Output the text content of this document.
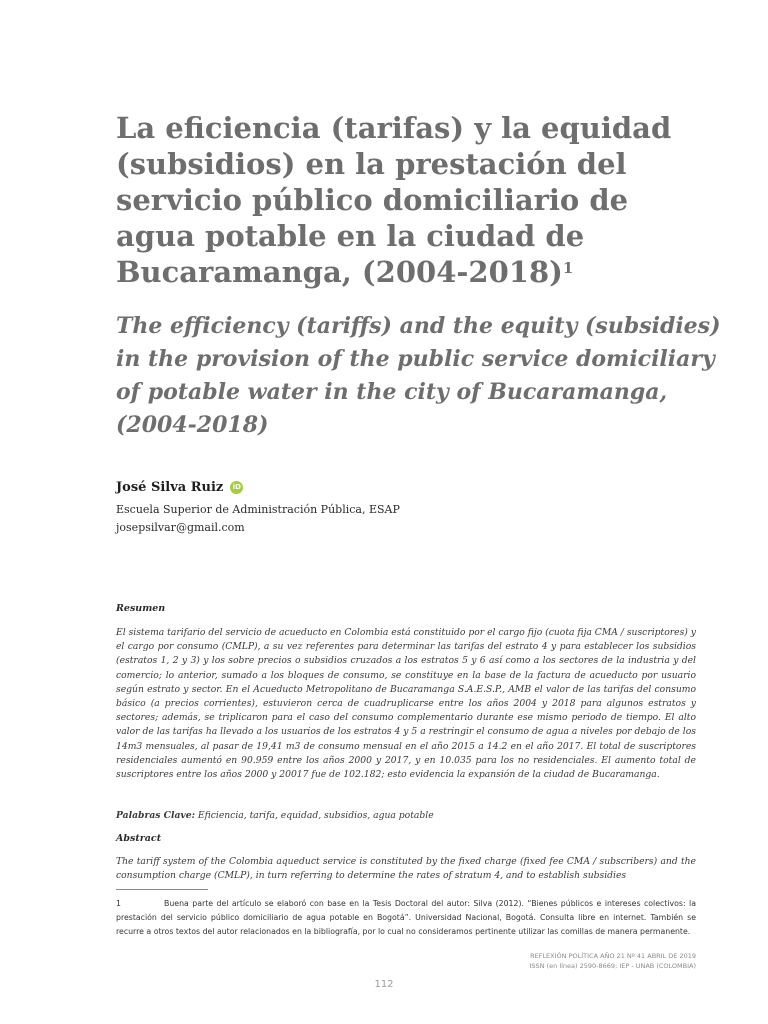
La eficiencia (tarifas) y la equidad (subsidios) en la prestación del servicio público domiciliario de agua potable en la ciudad de Bucaramanga, (2004-2018)$^1$
The efficiency (tariffs) and the equity (subsidies) in the provision of the public service domiciliary of potable water in the city of Bucaramanga, (2004-2018)
José Silva Ruiz	iD
Escuela Superior de Administración Pública, ESAP
josepsilvar@gmail.com
Resumen

El sistema tarifario del servicio de acueducto en Colombia está constituido por el cargo fijo (cuota fija CMA / suscriptores) y el cargo por consumo (CMLP), a su vez referentes para determinar las tarifas del estrato 4 y para establecer los subsidios (estratos 1, 2 y 3) y los sobre precios o subsidios cruzados a los estratos 5 y 6 así como a los sectores de la industria y del comercio; lo anterior, sumado a los bloques de consumo, se constituye en la base de la factura de acueducto por usuario según estrato y sector. En el Acueducto Metropolitano de Bucaramanga S.A.E.S.P., AMB el valor de las tarifas del consumo básico (a precios corrientes), estuvieron cerca de cuadruplicarse entre los años 2004 y 2018 para algunos estratos y sectores; además, se triplicaron para el caso del consumo complementario durante ese mismo periodo de tiempo. El alto valor de las tarifas ha llevado a los usuarios de los estratos 4 y 5 a restringir el consumo de agua a niveles por debajo de los 14m3 mensuales, al pasar de 19,41 m3 de consumo mensual en el año 2015 a 14.2 en el año 2017. El total de suscriptores residenciales aumentó en 90.959 entre los años 2000 y 2017, y en 10.035 para los no residenciales. El aumento total de suscriptores entre los años 2000 y 20017 fue de 102.182; esto evidencia la expansión de la ciudad de Bucaramanga.

Palabras Clave: Eficiencia, tarifa, equidad, subsidios, agua potable
Abstract

The tariff system of the Colombia aqueduct service is constituted by the fixed charge (fixed fee CMA / subscribers) and the consumption charge (CMLP), in turn referring to determine the rates of stratum 4, and to establish subsidies

1	Buena parte del artículo se elaboró con base en la Tesis Doctoral del autor: Silva (2012). “Bienes públicos e intereses colectivos: la prestación del servicio público domiciliario de agua potable en Bogotá”. Universidad Nacional, Bogotá. Consulta libre en internet. También se recurre a otros textos del autor relacionados en la bibliografía, por lo cual no consideramos pertinente utilizar las comillas de manera permanente.

REFLEXIÓN POLÍTICA AÑO 21 Nº 41 ABRIL DE 2019
ISSN (en línea) 2590-8669; IEP - UNAB (COLOMBIA)
112
